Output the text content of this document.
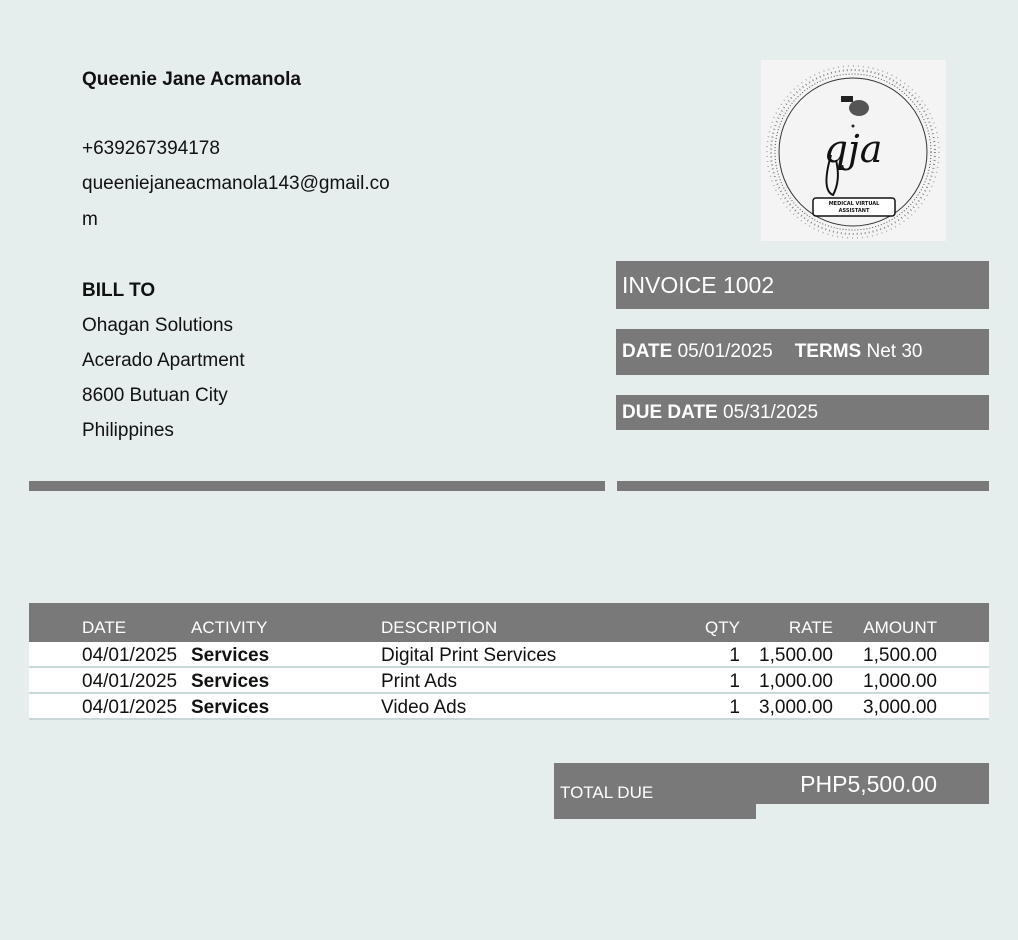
Queenie Jane Acmanola
+639267394178
queeniejaneacmanola143@gmail.co
m
qja
MEDICAL VIRTUAL
ASSISTANT
BILL TO
Ohagan Solutions
Acerado Apartment
8600 Butuan City
Philippines
INVOICE 1002
DATE
05/01/2025 TERMS
Net 30
DUE DATE
05/31/2025
DATE	ACTIVITY	DESCRIPTION	QTY	RATE AMOUNT
04/01/2025 Services	Digital Print Services	1 1,500.00 1,500.00
04/01/2025 Services	Print Ads	1 1,000.00 1,000.00
04/01/2025 Services	Video Ads	1 3,000.00 3,000.00
TOTAL DUE	PHP5,500.00
